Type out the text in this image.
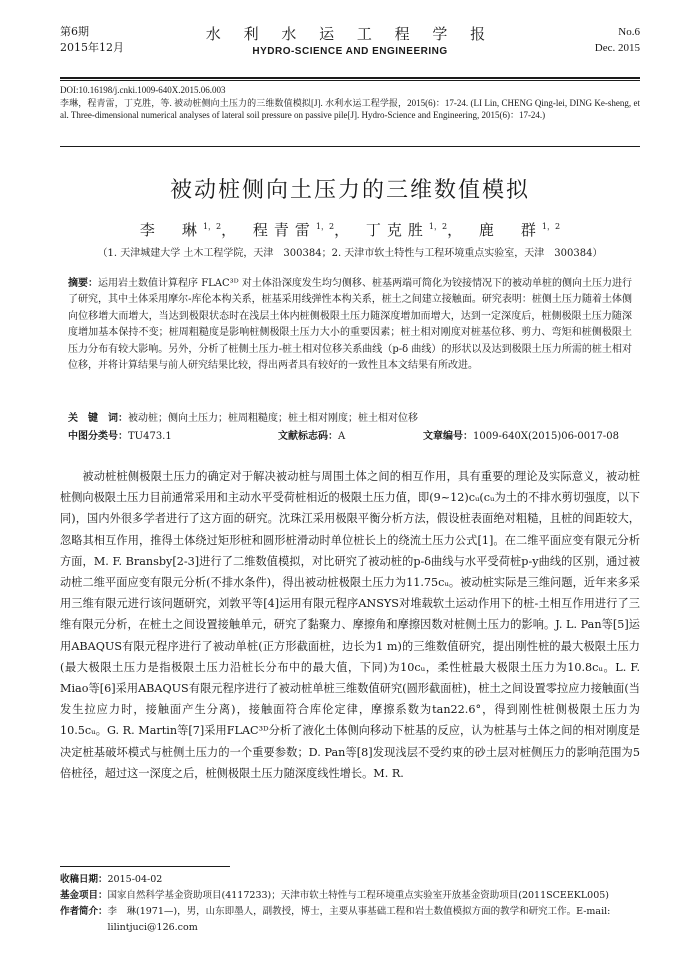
第6期
2015年12月
水 利 水 运 工 程 学 报
HYDRO-SCIENCE AND ENGINEERING
No.6
Dec. 2015
DOI:10.16198/j.cnki.1009-640X.2015.06.003
李琳，程青雷，丁克胜，等. 被动桩侧向土压力的三维数值模拟[J]. 水利水运工程学报，2015(6)：17-24. (LI Lin, CHENG Qing-lei, DING Ke-sheng, et al. Three-dimensional numerical analyses of lateral soil pressure on passive pile[J]. Hydro-Science and Engineering, 2015(6)：17-24.)
被动桩侧向土压力的三维数值模拟
李　琳$^{1,2}$， 程青雷$^{1,2}$， 丁克胜$^{1,2}$， 鹿　群$^{1,2}$
（1. 天津城建大学 土木工程学院，天津　300384；2. 天津市软土特性与工程环境重点实验室，天津　300384）
摘要：运用岩土数值计算程序 FLAC³ᴰ 对土体沿深度发生均匀侧移、桩基两端可简化为铰接情况下的被动单桩的侧向土压力进行了研究，其中土体采用摩尔-库伦本构关系，桩基采用线弹性本构关系，桩土之间建立接触面。研究表明：桩侧土压力随着土体侧向位移增大而增大，当达到极限状态时在浅层土体内桩侧极限土压力随深度增加而增大，达到一定深度后，桩侧极限土压力随深度增加基本保持不变；桩周粗糙度是影响桩侧极限土压力大小的重要因素；桩土相对刚度对桩基位移、剪力、弯矩和桩侧极限土压力分布有较大影响。另外，分析了桩侧土压力-桩土相对位移关系曲线（p-δ 曲线）的形状以及达到极限土压力所需的桩土相对位移，并将计算结果与前人研究结果比较，得出两者具有较好的一致性且本文结果有所改进。
关　键　词：被动桩；侧向土压力；桩周粗糙度；桩土相对刚度；桩土相对位移
中图分类号：TU473.1	文献标志码：A	文章编号：1009-640X(2015)06-0017-08

被动桩桩侧极限土压力的确定对于解决被动桩与周围土体之间的相互作用，具有重要的理论及实际意义，被动桩桩侧向极限土压力目前通常采用和主动水平受荷桩相近的极限土压力值，即(9~12)cᵤ(cᵤ为土的不排水剪切强度，以下同)，国内外很多学者进行了这方面的研究。沈珠江采用极限平衡分析方法，假设桩表面绝对粗糙，且桩的间距较大，忽略其相互作用，推得土体绕过矩形桩和圆形桩滑动时单位桩长上的绕流土压力公式[1]。在二维平面应变有限元分析方面，M. F. Bransby[2-3]进行了二维数值模拟，对比研究了被动桩的p-δ曲线与水平受荷桩p-y曲线的区别，通过被动桩二维平面应变有限元分析(不排水条件)，得出被动桩极限土压力为11.75cᵤ。被动桩实际是三维问题，近年来多采用三维有限元进行该问题研究，刘敦平等[4]运用有限元程序ANSYS对堆载软土运动作用下的桩-土相互作用进行了三维有限元分析，在桩土之间设置接触单元，研究了黏聚力、摩擦角和摩擦因数对桩侧土压力的影响。J. L. Pan等[5]运用ABAQUS有限元程序进行了被动单桩(正方形截面桩，边长为1 m)的三维数值研究，提出刚性桩的最大极限土压力(最大极限土压力是指极限土压力沿桩长分布中的最大值，下同)为10cᵤ，柔性桩最大极限土压力为10.8cᵤ。L. F. Miao等[6]采用ABAQUS有限元程序进行了被动桩单桩三维数值研究(圆形截面桩)，桩土之间设置零拉应力接触面(当发生拉应力时，接触面产生分离)，接触面符合库伦定律，摩擦系数为tan22.6°，得到刚性桩侧极限土压力为10.5cᵤ。G. R. Martin等[7]采用FLAC³ᴰ分析了液化土体侧向移动下桩基的反应，认为桩基与土体之间的相对刚度是决定桩基破坏模式与桩侧土压力的一个重要参数；D. Pan等[8]发现浅层不受约束的砂土层对桩侧压力的影响范围为5倍桩径，超过这一深度之后，桩侧极限土压力随深度线性增长。M. R.

收稿日期： 2015-04-02
基金项目： 国家自然科学基金资助项目(4117233)；天津市软土特性与工程环境重点实验室开放基金资助项目(2011SCEEKL005)
作者简介： 李　琳(1971—)，男，山东即墨人，副教授，博士，主要从事基础工程和岩土数值模拟方面的教学和研究工作。E-mail: lilintjuci@126.com
